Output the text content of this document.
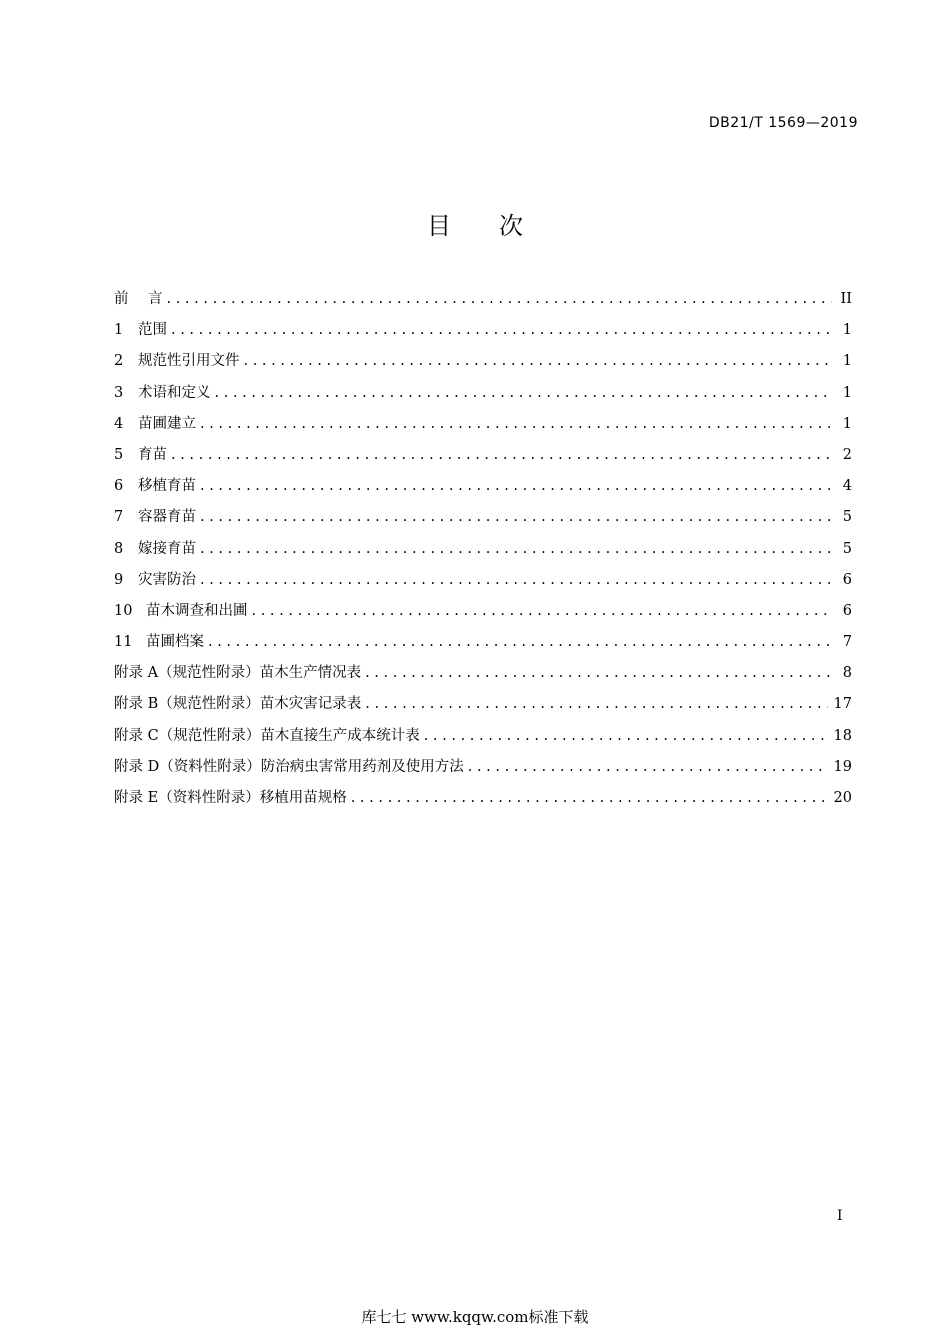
DB21/T 1569—2019
目次
前	言 . . .	II
1	范围 . . .	1
2	规范性引用文件 . . .	1
3	术语和定义 . . .	1
4	苗圃建立 . . .	1
5	育苗 . . .	2
6	移植育苗 . . .	4
7	容器育苗 . . .	5
8	嫁接育苗 . . .	5
9	灾害防治 . . .	6
10 苗木调查和出圃 . . .	6
11 苗圃档案 . . .	7
附录 A（规范性附录） 苗木生产情况表 . . .	8
附录 B（规范性附录） 苗木灾害记录表 . . .	17
附录 C（规范性附录） 苗木直接生产成本统计表 . . .	18
附录 D（资料性附录） 防治病虫害常用药剂及使用方法 . . .	19
附录 E（资料性附录） 移植用苗规格 . . .	20
I
库七七 www.kqqw.com标准下载
